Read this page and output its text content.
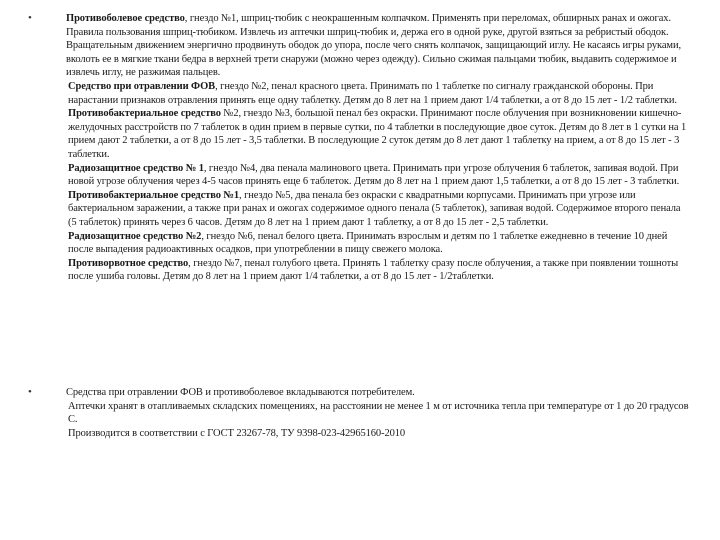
•	Противоболевое средство, гнездо №1, шприц-тюбик с неокрашенным колпачком. Применять при переломах, обширных ранах и ожогах.

Правила пользования шприц-тюбиком. Извлечь из аптечки шприц-тюбик и, держа его в одной руке, другой взяться за ребристый ободок. Вращательным движением энергично продвинуть ободок до упора, после чего снять колпачок, защищающий иглу. Не касаясь игры руками, вколоть ее в мягкие ткани бедра в верхней трети снаружи (можно через одежду). Сильно сжимая пальцами тюбик, выдавить содержимое и извлечь иглу, не разжимая пальцев.

Средство при отравлении ФОВ, гнездо №2, пенал красного цвета. Принимать по 1 таблетке по сигналу гражданской обороны. При нарастании признаков отравления принять еще одну таблетку. Детям до 8 лет на 1 прием дают 1/4 таблетки, а от 8 до 15 лет - 1/2 таблетки.

Противобактериальное средство №2, гнездо №3, большой пенал без окраски. Принимают после облучения при возникновении кишечно-желудочных расстройств по 7 таблеток в один прием в первые сутки, по 4 таблетки в последующие двое суток. Детям до 8 лет в 1 сутки на 1 прием дают 2 таблетки, а от 8 до 15 лет - 3,5 таблетки. В последующие 2 суток детям до 8 лет дают 1 таблетку на прием, а от 8 до 15 лет - 3 таблетки.

Радиозащитное средство № 1, гнездо №4, два пенала малинового цвета. Принимать при угрозе облучения 6 таблеток, запивая водой. При новой угрозе облучения через 4-5 часов принять еще 6 таблеток. Детям до 8 лет на 1 прием дают 1,5 таблетки, а от 8 до 15 лет - 3 таблетки.

Противобактериальное средство №1, гнездо №5, два пенала без окраски с квадратными корпусами. Принимать при угрозе или бактериальном заражении, а также при ранах и ожогах содержимое одного пенала (5 таблеток), запивая водой. Содержимое второго пенала (5 таблеток) принять через 6 часов. Детям до 8 лет на 1 прием дают 1 таблетку, а от 8 до 15 лет - 2,5 таблетки.

Радиозащитное средство №2, гнездо №6, пенал белого цвета. Принимать взрослым и детям по 1 таблетке ежедневно в течение 10 дней после выпадения радиоактивных осадков, при употреблении в пищу свежего молока.

Противорвотное средство, гнездо №7, пенал голубого цвета. Принять 1 таблетку сразу после облучения, а также при появлении тошноты после ушиба головы. Детям до 8 лет на 1 прием дают 1/4 таблетки, а от 8 до 15 лет - 1/2таблетки.

•	Средства при отравлении ФОВ и противоболевое вкладываются потребителем.

Аптечки хранят в отапливаемых складских помещениях, на расстоянии не менее 1 м от источника тепла при температуре от 1 до 20 градусов С.

Производится в соответствии с ГОСТ 23267-78, ТУ 9398-023-42965160-2010
